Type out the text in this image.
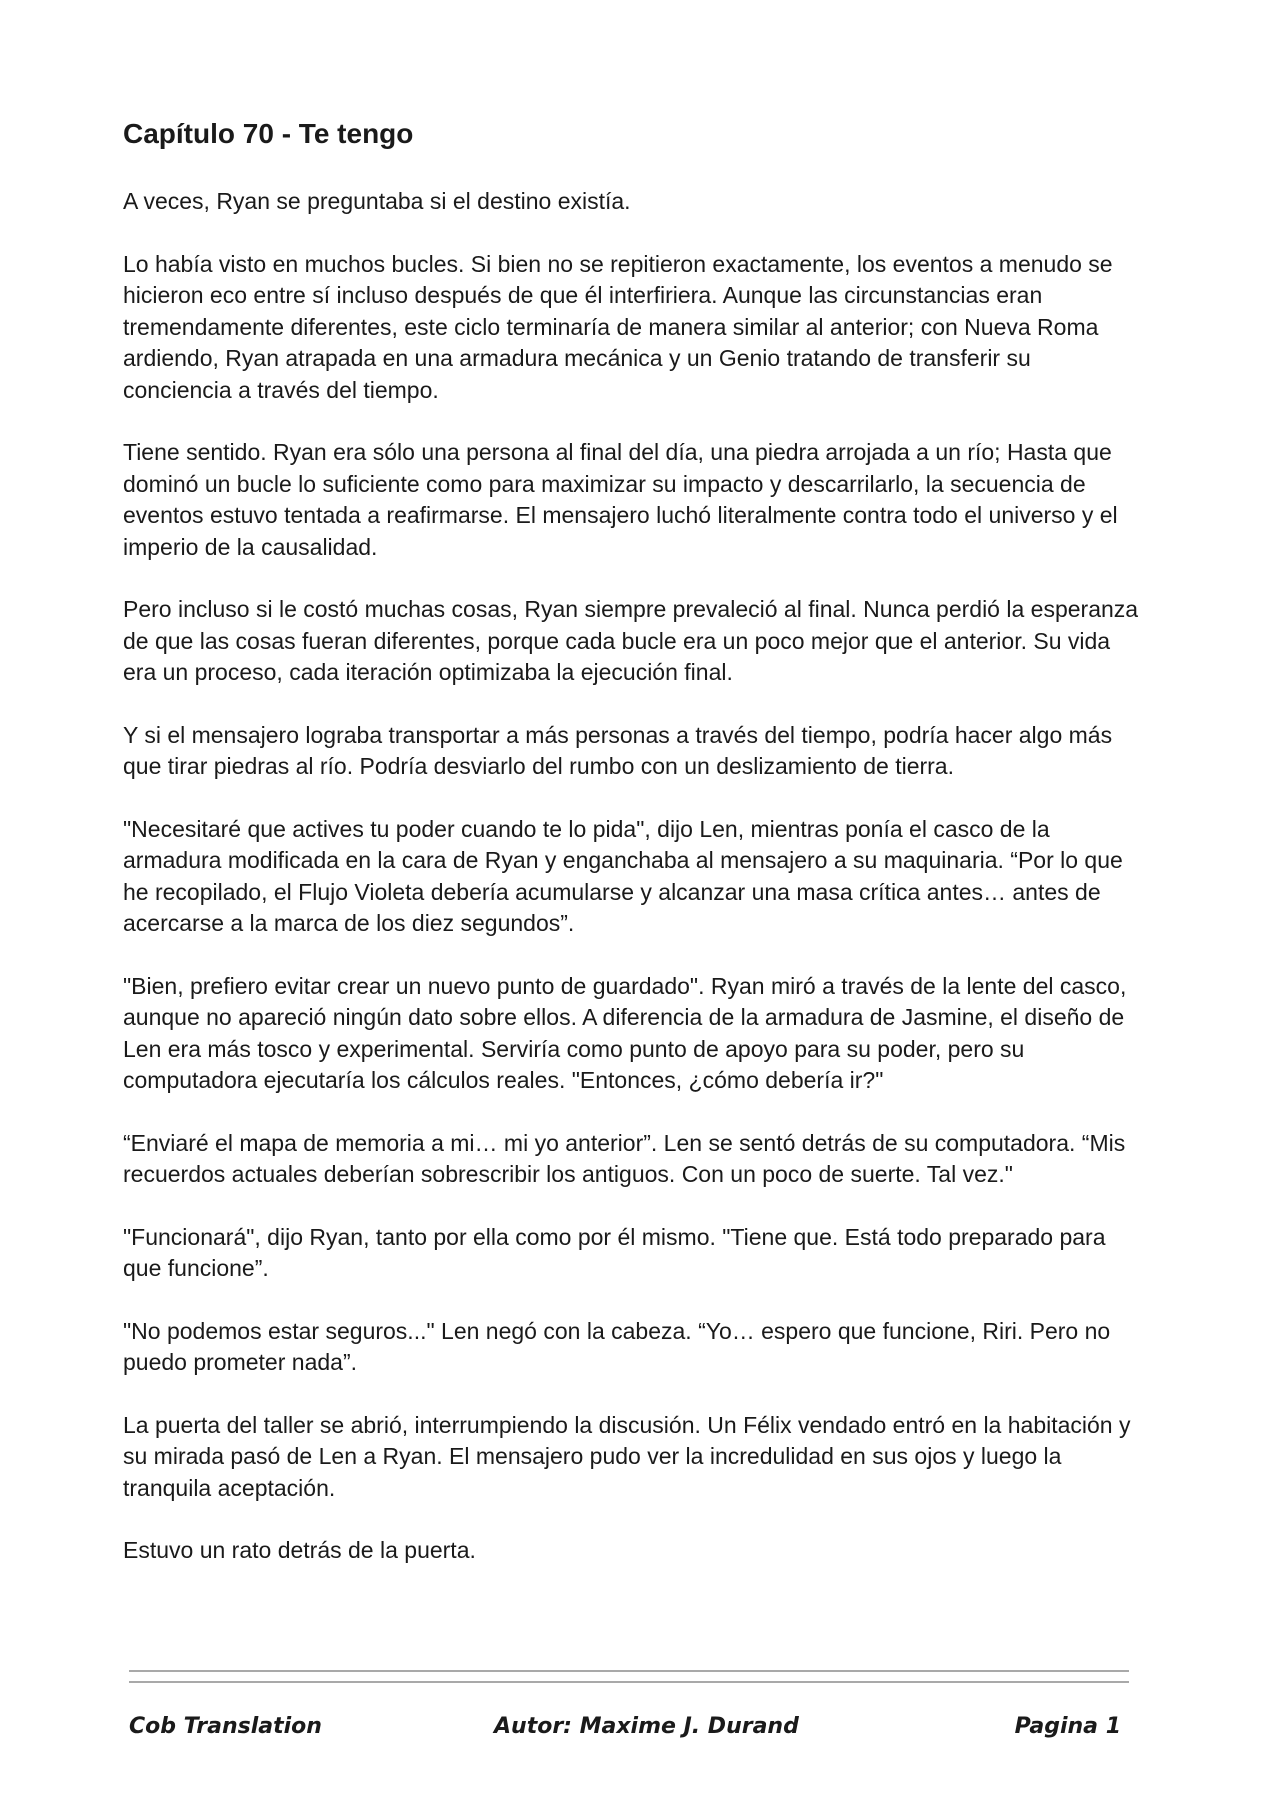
Capítulo 70 - Te tengo

A veces, Ryan se preguntaba si el destino existía.

Lo había visto en muchos bucles. Si bien no se repitieron exactamente, los eventos a menudo se hicieron eco entre sí incluso después de que él interfiriera. Aunque las circunstancias eran tremendamente diferentes, este ciclo terminaría de manera similar al anterior; con Nueva Roma ardiendo, Ryan atrapada en una armadura mecánica y un Genio tratando de transferir su conciencia a través del tiempo.

Tiene sentido. Ryan era sólo una persona al final del día, una piedra arrojada a un río; Hasta que dominó un bucle lo suficiente como para maximizar su impacto y descarrilarlo, la secuencia de eventos estuvo tentada a reafirmarse. El mensajero luchó literalmente contra todo el universo y el imperio de la causalidad.

Pero incluso si le costó muchas cosas, Ryan siempre prevaleció al final. Nunca perdió la esperanza de que las cosas fueran diferentes, porque cada bucle era un poco mejor que el anterior. Su vida era un proceso, cada iteración optimizaba la ejecución final.

Y si el mensajero lograba transportar a más personas a través del tiempo, podría hacer algo más que tirar piedras al río. Podría desviarlo del rumbo con un deslizamiento de tierra.

"Necesitaré que actives tu poder cuando te lo pida", dijo Len, mientras ponía el casco de la armadura modificada en la cara de Ryan y enganchaba al mensajero a su maquinaria. “Por lo que he recopilado, el Flujo Violeta debería acumularse y alcanzar una masa crítica antes… antes de acercarse a la marca de los diez segundos”.

"Bien, prefiero evitar crear un nuevo punto de guardado". Ryan miró a través de la lente del casco, aunque no apareció ningún dato sobre ellos. A diferencia de la armadura de Jasmine, el diseño de Len era más tosco y experimental. Serviría como punto de apoyo para su poder, pero su computadora ejecutaría los cálculos reales. "Entonces, ¿cómo debería ir?"

“Enviaré el mapa de memoria a mi… mi yo anterior”. Len se sentó detrás de su computadora. “Mis recuerdos actuales deberían sobrescribir los antiguos. Con un poco de suerte. Tal vez."

"Funcionará", dijo Ryan, tanto por ella como por él mismo. "Tiene que. Está todo preparado para que funcione”.

"No podemos estar seguros..." Len negó con la cabeza. “Yo… espero que funcione, Riri. Pero no puedo prometer nada”.

La puerta del taller se abrió, interrumpiendo la discusión. Un Félix vendado entró en la habitación y su mirada pasó de Len a Ryan. El mensajero pudo ver la incredulidad en sus ojos y luego la tranquila aceptación.

Estuvo un rato detrás de la puerta.

Cob Translation	Autor: Maxime J. Durand	Pagina 1
